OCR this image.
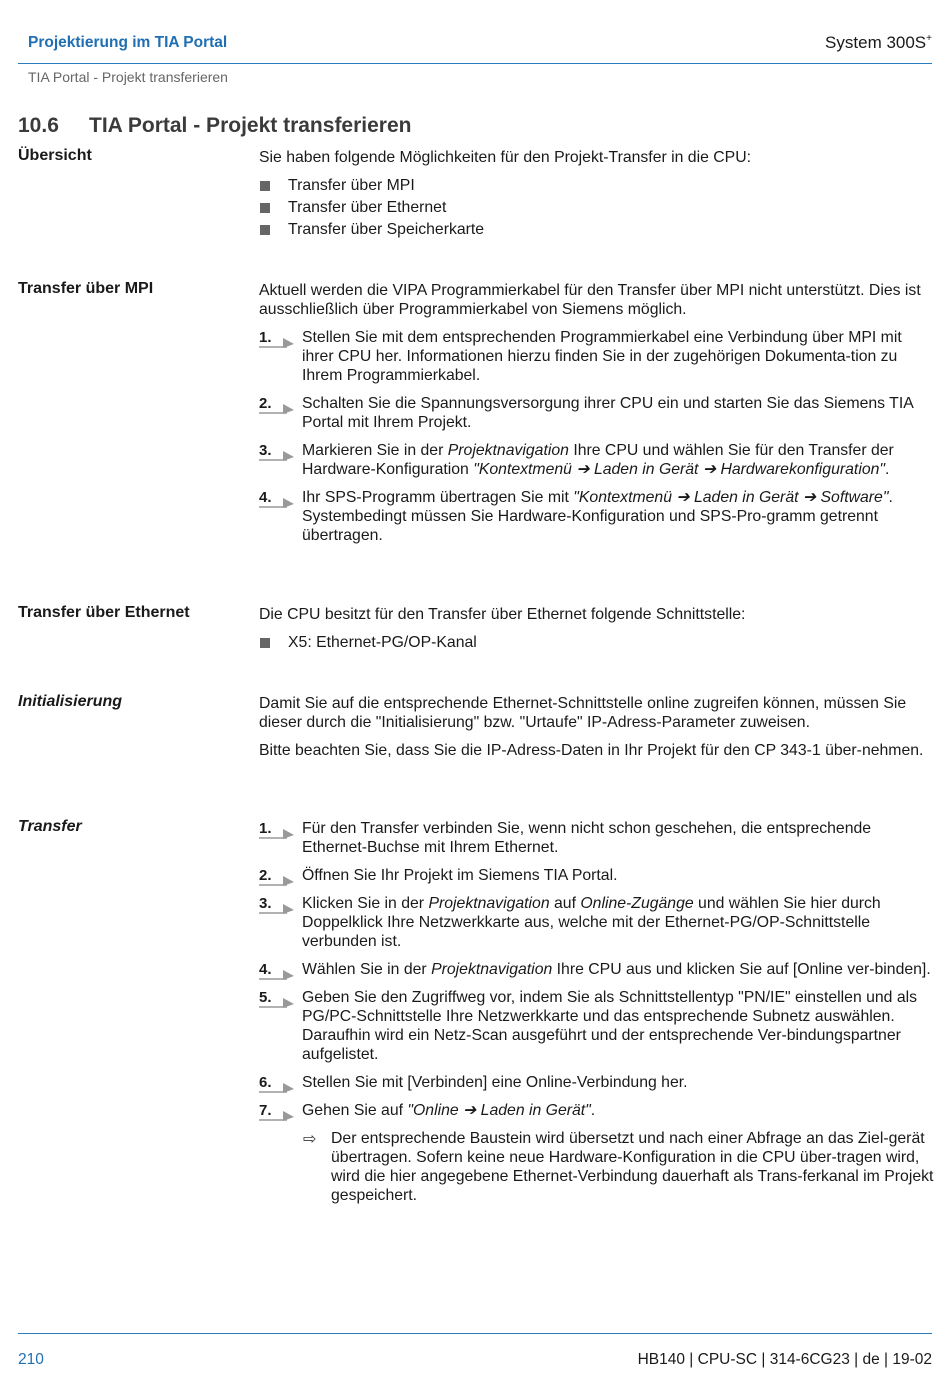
Projektierung im TIA Portal	System 300S+
TIA Portal - Projekt transferieren
10.6 TIA Portal - Projekt transferieren
Übersicht	Sie haben folgende Möglichkeiten für den Projekt-Transfer in die CPU:

Transfer über MPI
Transfer über Ethernet
Transfer über Speicherkarte
Transfer über MPI	Aktuell werden die VIPA Programmierkabel für den Transfer über MPI nicht unterstützt. Dies ist ausschließlich über Programmierkabel von Siemens möglich.

1. Stellen Sie mit dem entsprechenden Programmierkabel eine Verbindung über MPI mit ihrer CPU her. Informationen hierzu finden Sie in der zugehörigen Dokumenta-tion zu Ihrem Programmierkabel.
2. Schalten Sie die Spannungsversorgung ihrer CPU ein und starten Sie das Siemens TIA Portal mit Ihrem Projekt.
3. Markieren Sie in der Projektnavigation Ihre CPU und wählen Sie für den Transfer der Hardware-Konfiguration "Kontextmenü ➔ Laden in Gerät ➔ Hardwarekonfiguration".
4. Ihr SPS-Programm übertragen Sie mit "Kontextmenü ➔ Laden in Gerät ➔ Software". Systembedingt müssen Sie Hardware-Konfiguration und SPS-Pro-gramm getrennt übertragen.
Transfer über Ethernet	Die CPU besitzt für den Transfer über Ethernet folgende Schnittstelle:

X5: Ethernet-PG/OP-Kanal
Initialisierung	Damit Sie auf die entsprechende Ethernet-Schnittstelle online zugreifen können, müssen Sie dieser durch die "Initialisierung" bzw. "Urtaufe" IP-Adress-Parameter zuweisen.

Bitte beachten Sie, dass Sie die IP-Adress-Daten in Ihr Projekt für den CP 343-1 über-nehmen.

Transfer	1. Für den Transfer verbinden Sie, wenn nicht schon geschehen, die entsprechende Ethernet-Buchse mit Ihrem Ethernet.
2. Öffnen Sie Ihr Projekt im Siemens TIA Portal.
3. Klicken Sie in der Projektnavigation auf Online-Zugänge und wählen Sie hier durch Doppelklick Ihre Netzwerkkarte aus, welche mit der Ethernet-PG/OP-Schnittstelle verbunden ist.
4. Wählen Sie in der Projektnavigation Ihre CPU aus und klicken Sie auf [Online ver-binden].
5. Geben Sie den Zugriffweg vor, indem Sie als Schnittstellentyp "PN/IE" einstellen und als PG/PC-Schnittstelle Ihre Netzwerkkarte und das entsprechende Subnetz auswählen. Daraufhin wird ein Netz-Scan ausgeführt und der entsprechende Ver-bindungspartner aufgelistet.
6. Stellen Sie mit [Verbinden] eine Online-Verbindung her.
7. Gehen Sie auf "Online ➔ Laden in Gerät".
⇨ Der entsprechende Baustein wird übersetzt und nach einer Abfrage an das Ziel-gerät übertragen. Sofern keine neue Hardware-Konfiguration in die CPU über-tragen wird, wird die hier angegebene Ethernet-Verbindung dauerhaft als Trans-ferkanal im Projekt gespeichert.
210	HB140 | CPU-SC | 314-6CG23 | de | 19-02
